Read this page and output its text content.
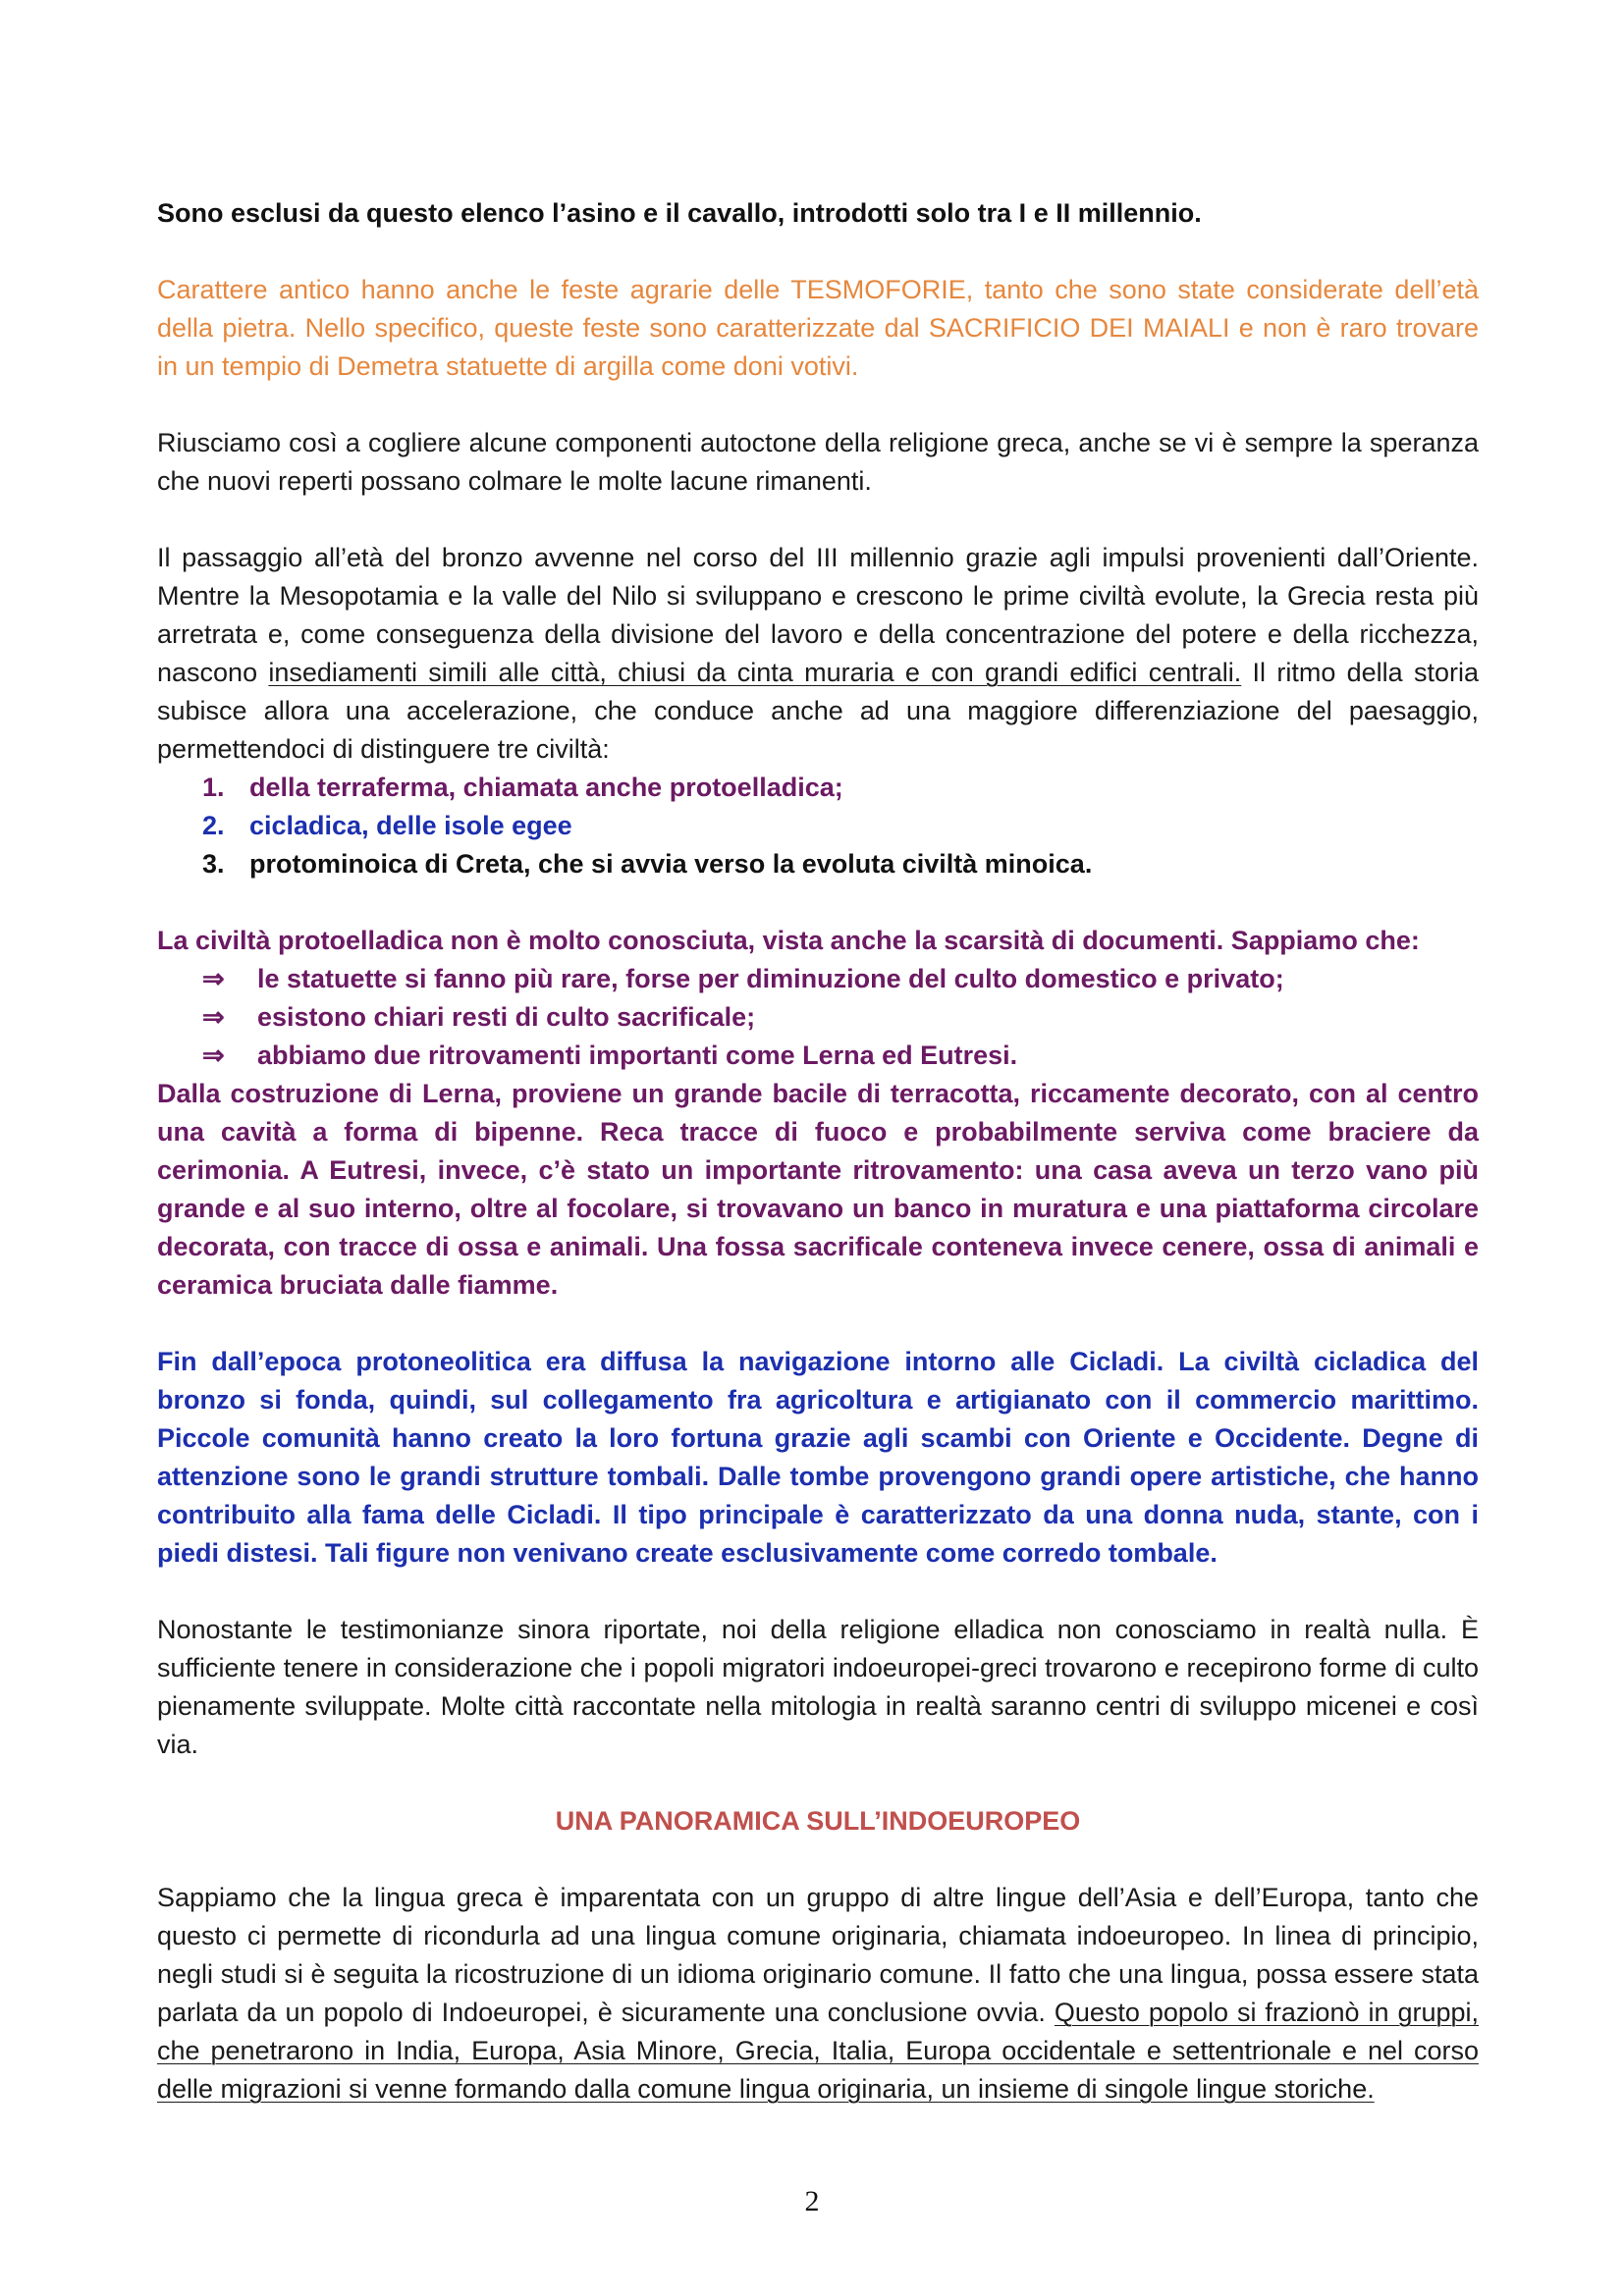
Sono esclusi da questo elenco l’asino e il cavallo, introdotti solo tra I e II millennio.

Carattere antico hanno anche le feste agrarie delle TESMOFORIE, tanto che sono state considerate dell’età della pietra. Nello specifico, queste feste sono caratterizzate dal SACRIFICIO DEI MAIALI e non è raro trovare in un tempio di Demetra statuette di argilla come doni votivi.

Riusciamo così a cogliere alcune componenti autoctone della religione greca, anche se vi è sempre la speranza che nuovi reperti possano colmare le molte lacune rimanenti.

Il passaggio all’età del bronzo avvenne nel corso del III millennio grazie agli impulsi provenienti dall’Oriente. Mentre la Mesopotamia e la valle del Nilo si sviluppano e crescono le prime civiltà evolute, la Grecia resta più arretrata e, come conseguenza della divisione del lavoro e della concentrazione del potere e della ricchezza, nascono insediamenti simili alle città, chiusi da cinta muraria e con grandi edifici centrali. Il ritmo della storia subisce allora una accelerazione, che conduce anche ad una maggiore differenziazione del paesaggio, permettendoci di distinguere tre civiltà:

1. della terraferma, chiamata anche protoelladica;
2. cicladica, delle isole egee
3. protominoica di Creta, che si avvia verso la evoluta civiltà minoica.

La civiltà protoelladica non è molto conosciuta, vista anche la scarsità di documenti. Sappiamo che:

⇒	le statuette si fanno più rare, forse per diminuzione del culto domestico e privato;
⇒	esistono chiari resti di culto sacrificale;
⇒	abbiamo due ritrovamenti importanti come Lerna ed Eutresi.

Dalla costruzione di Lerna, proviene un grande bacile di terracotta, riccamente decorato, con al centro una cavità a forma di bipenne. Reca tracce di fuoco e probabilmente serviva come braciere da cerimonia. A Eutresi, invece, c’è stato un importante ritrovamento: una casa aveva un terzo vano più grande e al suo interno, oltre al focolare, si trovavano un banco in muratura e una piattaforma circolare decorata, con tracce di ossa e animali. Una fossa sacrificale conteneva invece cenere, ossa di animali e ceramica bruciata dalle fiamme.

Fin dall’epoca protoneolitica era diffusa la navigazione intorno alle Cicladi. La civiltà cicladica del bronzo si fonda, quindi, sul collegamento fra agricoltura e artigianato con il commercio marittimo. Piccole comunità hanno creato la loro fortuna grazie agli scambi con Oriente e Occidente. Degne di attenzione sono le grandi strutture tombali. Dalle tombe provengono grandi opere artistiche, che hanno contribuito alla fama delle Cicladi. Il tipo principale è caratterizzato da una donna nuda, stante, con i piedi distesi. Tali figure non venivano create esclusivamente come corredo tombale.

Nonostante le testimonianze sinora riportate, noi della religione elladica non conosciamo in realtà nulla. È sufficiente tenere in considerazione che i popoli migratori indoeuropei-greci trovarono e recepirono forme di culto pienamente sviluppate. Molte città raccontate nella mitologia in realtà saranno centri di sviluppo micenei e così via.

UNA PANORAMICA SULL’INDOEUROPEO

Sappiamo che la lingua greca è imparentata con un gruppo di altre lingue dell’Asia e dell’Europa, tanto che questo ci permette di ricondurla ad una lingua comune originaria, chiamata indoeuropeo. In linea di principio, negli studi si è seguita la ricostruzione di un idioma originario comune. Il fatto che una lingua, possa essere stata parlata da un popolo di Indoeuropei, è sicuramente una conclusione ovvia. Questo popolo si frazionò in gruppi, che penetrarono in India, Europa, Asia Minore, Grecia, Italia, Europa occidentale e settentrionale e nel corso delle migrazioni si venne formando dalla comune lingua originaria, un insieme di singole lingue storiche.

2
